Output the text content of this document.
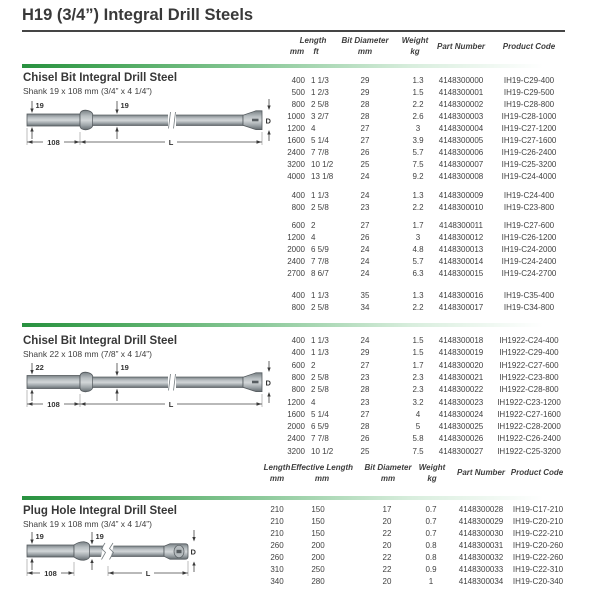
H19 (3/4”) Integral Drill Steels
Length
mm ft
Bit Diameter
mm
Weight
kg
Part Number Product Code
Chisel Bit Integral Drill Steel
Shank 19 x 108 mm (3/4” x 4 1/4”)
19	19
108	L
D
400 1 1/3	29	1.3	4148300000	IH19-C29-400
500 1 2/3	29	1.5	4148300001	IH19-C29-500
800 2 5/8	28	2.2	4148300002	IH19-C28-800
1000 3 2/7	28	2.6	4148300003	IH19-C28-1000
1200 4	27	3	4148300004	IH19-C27-1200
1600 5 1/4	27	3.9	4148300005	IH19-C27-1600
2400 7 7/8	26	5.7	4148300006	IH19-C26-2400
3200 10 1/2	25	7.5	4148300007	IH19-C25-3200
4000 13 1/8	24	9.2	4148300008	IH19-C24-4000
400 1 1/3	24	1.3	4148300009	IH19-C24-400
800 2 5/8	23	2.2	4148300010	IH19-C23-800
600 2	27	1.7	4148300011	IH19-C27-600
1200 4	26	3	4148300012	IH19-C26-1200
2000 6 5/9	24	4.8	4148300013	IH19-C24-2000
2400 7 7/8	24	5.7	4148300014	IH19-C24-2400
2700 8 6/7	24	6.3	4148300015	IH19-C24-2700
400 1 1/3	35	1.3	4148300016	IH19-C35-400
800 2 5/8	34	2.2	4148300017	IH19-C34-800
Chisel Bit Integral Drill Steel
Shank 22 x 108 mm (7/8” x 4 1/4”)
22	19
108	L
D
400 1 1/3	24	1.5	4148300018	IH1922-C24-400
400 1 1/3	29	1.5	4148300019	IH1922-C29-400
600 2	27	1.7	4148300020	IH1922-C27-600
800 2 5/8	23	2.3	4148300021	IH1922-C23-800
800 2 5/8	28	2.3	4148300022	IH1922-C28-800
1200 4	23	3.2	4148300023	IH1922-C23-1200
1600 5 1/4	27	4	4148300024	IH1922-C27-1600
2000 6 5/9	28	5	4148300025	IH1922-C28-2000
2400 7 7/8	26	5.8	4148300026	IH1922-C26-2400
3200 10 1/2	25	7.5	4148300027	IH1922-C25-3200
Length
mm
Effective Length
mm
Bit Diameter
mm
Weight
kg
Part Number Product Code
Plug Hole Integral Drill Steel
Shank 19 x 108 mm (3/4” x 4 1/4”)
19	19
108	L
D
210	150	17	0.7	4148300028	IH19-C17-210
210	150	20	0.7	4148300029	IH19-C20-210
210	150	22	0.7	4148300030	IH19-C22-210
260	200	20	0.8	4148300031	IH19-C20-260
260	200	22	0.8	4148300032	IH19-C22-260
310	250	22	0.9	4148300033	IH19-C22-310
340	280	20	1	4148300034	IH19-C20-340
